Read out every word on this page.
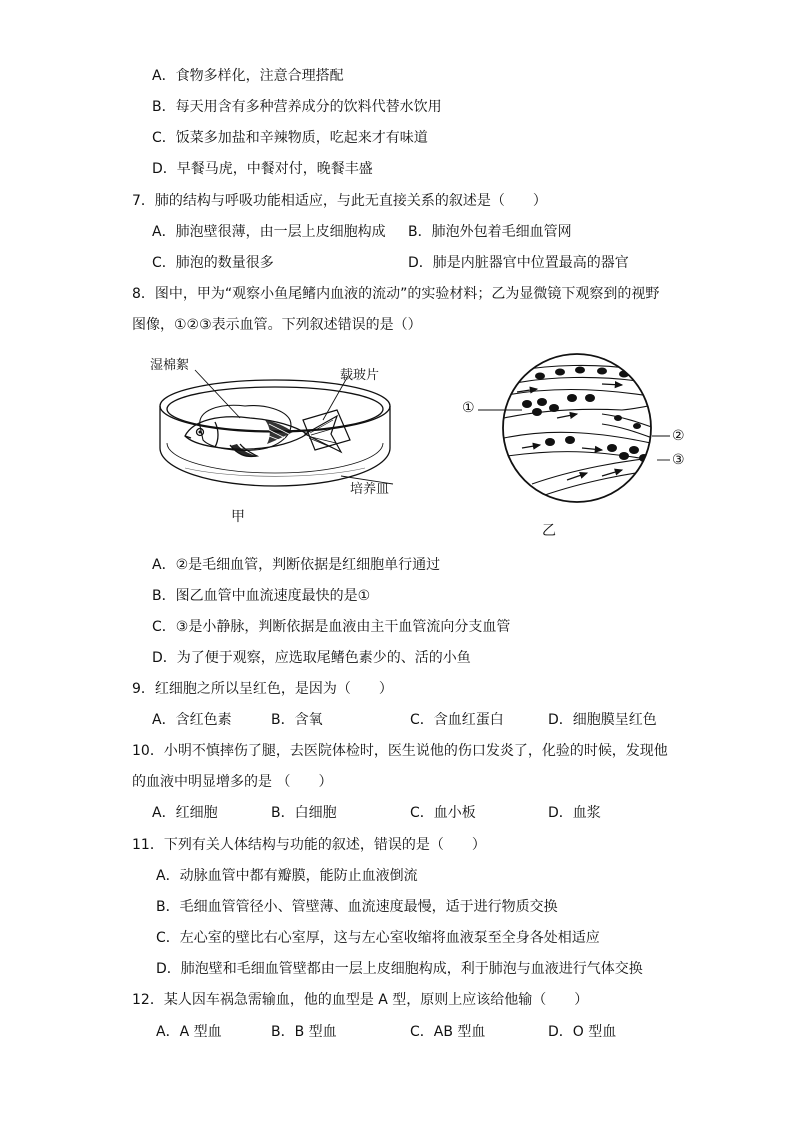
A．食物多样化，注意合理搭配
B．每天用含有多种营养成分的饮料代替水饮用
C．饭菜多加盐和辛辣物质，吃起来才有味道
D．早餐马虎，中餐对付，晚餐丰盛
7．肺的结构与呼吸功能相适应，与此无直接关系的叙述是（　　）
A．肺泡壁很薄，由一层上皮细胞构成 B．肺泡外包着毛细血管网
C．肺泡的数量很多	D．肺是内脏器官中位置最高的器官
8．图中，甲为“观察小鱼尾鳍内血液的流动”的实验材料；乙为显微镜下观察到的视野
图像，①②③表示血管。下列叙述错误的是（）
湿棉絮
载玻片
培养皿
甲
①
②
③
乙
A．②是毛细血管，判断依据是红细胞单行通过
B．图乙血管中血流速度最快的是①
C．③是小静脉，判断依据是血液由主干血管流向分支血管
D．为了便于观察，应选取尾鳍色素少的、活的小鱼
9．红细胞之所以呈红色，是因为（　　）
A．含红色素	B．含氧	C．含血红蛋白	D．细胞膜呈红色
10．小明不慎摔伤了腿，去医院体检时，医生说他的伤口发炎了，化验的时候，发现他
的血液中明显增多的是 （　　）
A．红细胞	B．白细胞	C．血小板	D．血浆
11．下列有关人体结构与功能的叙述，错误的是（　　）
A．动脉血管中都有瓣膜，能防止血液倒流
B．毛细血管管径小、管壁薄、血流速度最慢，适于进行物质交换
C．左心室的壁比右心室厚，这与左心室收缩将血液泵至全身各处相适应
D．肺泡壁和毛细血管壁都由一层上皮细胞构成，利于肺泡与血液进行气体交换
12．某人因车祸急需输血，他的血型是 A 型，原则上应该给他输（　　）
A．A 型血	B．B 型血	C．AB 型血	D．O 型血
